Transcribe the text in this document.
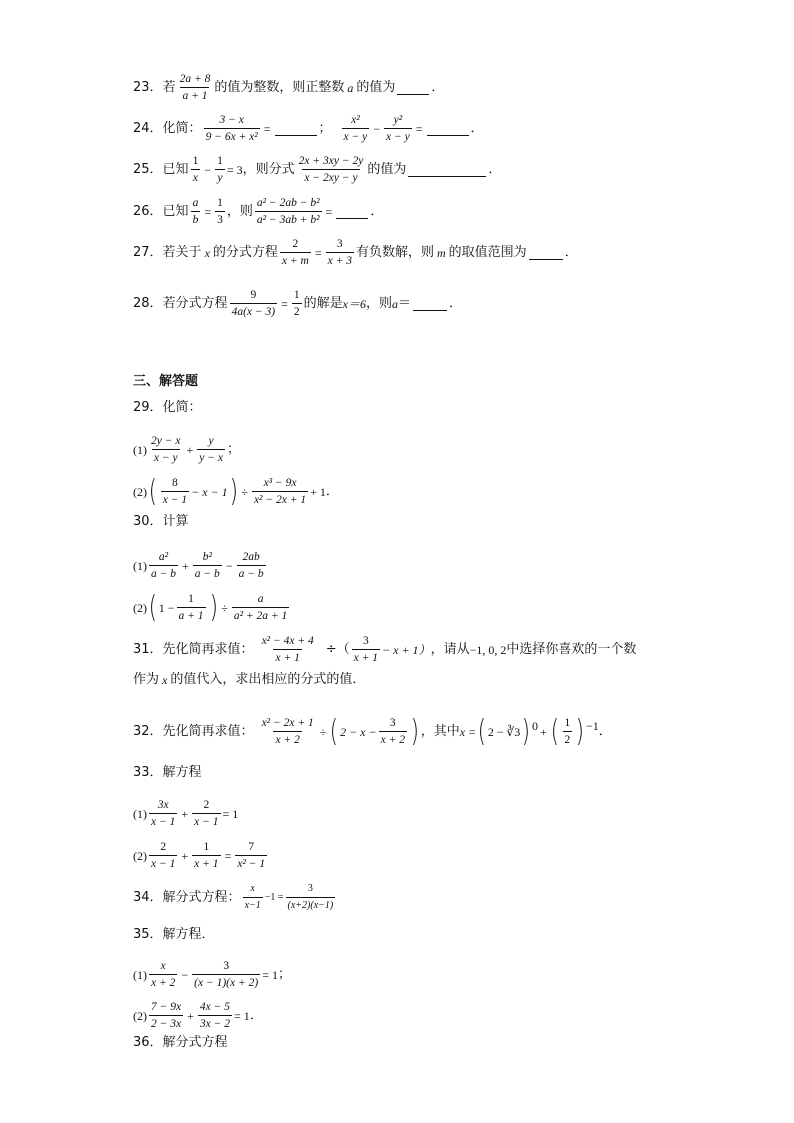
23． 若 $\frac{2a + 8}{a + 1}$ 的值为整数，则正整数 a 的值为	．
24． 化简： $\frac{3 - x}{\text{9 − 6x + x²}}$ =	； $\frac{\text{x²}}{x - y} - \frac{\text{y²}}{x - y}$ =	．
25． 已知 $\frac{1}{x} - \frac{1}{y} = 3$ ，则分式 $\frac{2x + 3xy - 2y}{x - 2xy - y}$ 的值为	．
26． 已知 $\frac{a}{b} = \frac{1}{3}$ ，则 $\frac{\text{a² − 2ab − b²}}{\text{a² − 3ab + b²}}$ =	．
27． 若关于 x 的分式方程 $\frac{2}{x + m} = \frac{3}{x + 3}$ 有负数解，则 m 的取值范围为	．
28． 若分式方程 $\frac{9}{4a(x - 3)} = \frac{1}{2}$ 的解是 x＝6 ，则 a ＝	．
三、解答题
29． 化简：
$(1) \frac{2y - x}{x - y} + \frac{y}{y - x}$ ；
(2) ( $\frac{8}{x - 1} - x - 1$ ) ÷ $\frac{\text{x³ − 9x}}{\text{x² − 2x + 1}} + 1$ ．
30． 计算
$(1) \frac{\text{a²}}{a - b} + \frac{\text{b²}}{a - b} - \frac{2ab}{a - b}$
(2) ( $1 - \frac{1}{a + 1}$ ) ÷ $\frac{a}{\text{a² + 2a + 1}}$
31． 先化简再求值： $\frac{\text{x² − 4x + 4}}{x + 1}$ ÷（ $\frac{3}{x + 1} - x + 1$） ，请从 −1, 0, 2 中选择你喜欢的一个数
作为 x 的值代入，求出相应的分式的值．
32． 先化简再求值： $\frac{\text{x² − 2x + 1}}{x + 2}$ ÷ ( $2 - x - \frac{3}{x + 2}$ ) ，其中 x = ( 2 − ∛3 ) 0 + ( $\frac{1}{2}$ ) −1 ．
33． 解方程
$(1) \frac{3x}{x - 1} + \frac{2}{x - 1} = 1$
$(2) \frac{2}{x - 1} + \frac{1}{x + 1} = \frac{7}{\text{x² − 1}}$
34． 解分式方程： $\frac{x}{x-1} -1 = \frac{3}{(x+2)(x-1)}$
35． 解方程．
$(1) \frac{x}{x + 2} - \frac{3}{(x - 1)(x + 2)} = 1$ ；
$(2) \frac{7 - 9x}{2 - 3x} + \frac{4x - 5}{3x - 2} = 1$ ．
36． 解分式方程
